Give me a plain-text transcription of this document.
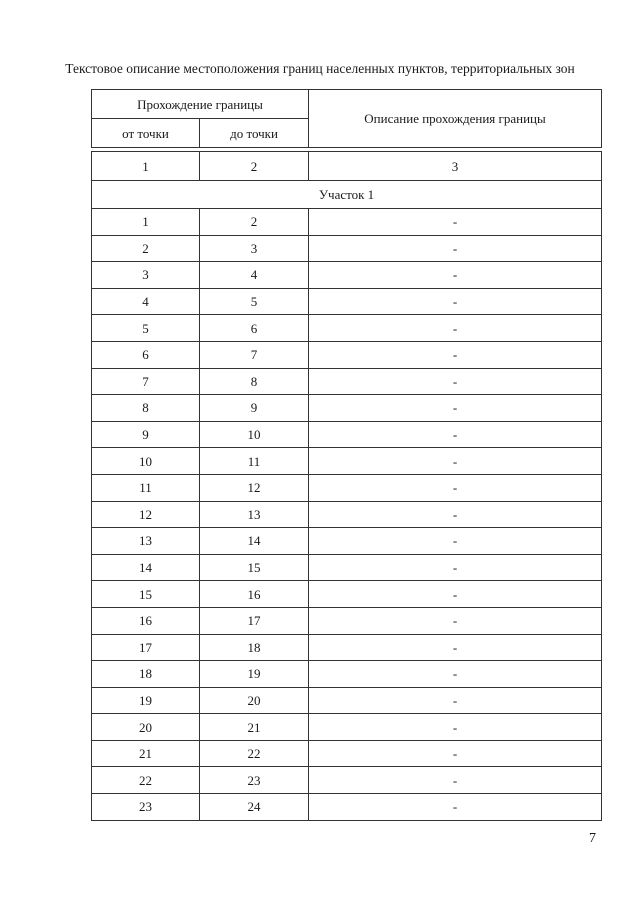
Текстовое описание местоположения границ населенных пунктов, территориальных зон
Прохождение границы		Описание прохождения границы
от точки	до точки	

1	2	3
Участок 1		
1	2	-
2	3	-
3	4	-
4	5	-
5	6	-
6	7	-
7	8	-
8	9	-
9	10	-
10	11	-
11	12	-
12	13	-
13	14	-
14	15	-
15	16	-
16	17	-
17	18	-
18	19	-
19	20	-
20	21	-
21	22	-
22	23	-
23	24	-
7
